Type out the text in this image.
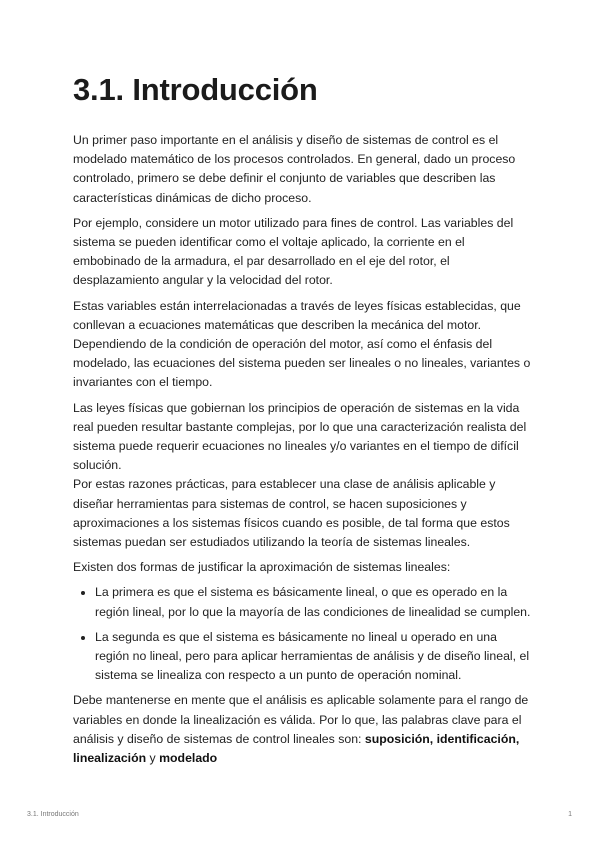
3.1. Introducción

Un primer paso importante en el análisis y diseño de sistemas de control es el modelado matemático de los procesos controlados. En general, dado un proceso controlado, primero se debe definir el conjunto de variables que describen las características dinámicas de dicho proceso.

Por ejemplo, considere un motor utilizado para fines de control. Las variables del sistema se pueden identificar como el voltaje aplicado, la corriente en el embobinado de la armadura, el par desarrollado en el eje del rotor, el desplazamiento angular y la velocidad del rotor.

Estas variables están interrelacionadas a través de leyes físicas establecidas, que conllevan a ecuaciones matemáticas que describen la mecánica del motor. Dependiendo de la condición de operación del motor, así como el énfasis del modelado, las ecuaciones del sistema pueden ser lineales o no lineales, variantes o invariantes con el tiempo.

Las leyes físicas que gobiernan los principios de operación de sistemas en la vida real pueden resultar bastante complejas, por lo que una caracterización realista del sistema puede requerir ecuaciones no lineales y/o variantes en el tiempo de difícil solución.
Por estas razones prácticas, para establecer una clase de análisis aplicable y diseñar herramientas para sistemas de control, se hacen suposiciones y aproximaciones a los sistemas físicos cuando es posible, de tal forma que estos sistemas puedan ser estudiados utilizando la teoría de sistemas lineales.

Existen dos formas de justificar la aproximación de sistemas lineales:

• La primera es que el sistema es básicamente lineal, o que es operado en la región lineal, por lo que la mayoría de las condiciones de linealidad se cumplen.
• La segunda es que el sistema es básicamente no lineal u operado en una región no lineal, pero para aplicar herramientas de análisis y de diseño lineal, el sistema se linealiza con respecto a un punto de operación nominal.

Debe mantenerse en mente que el análisis es aplicable solamente para el rango de variables en donde la linealización es válida. Por lo que, las palabras clave para el análisis y diseño de sistemas de control lineales son: suposición, identificación, linealización y modelado

3.1. Introducción	1
